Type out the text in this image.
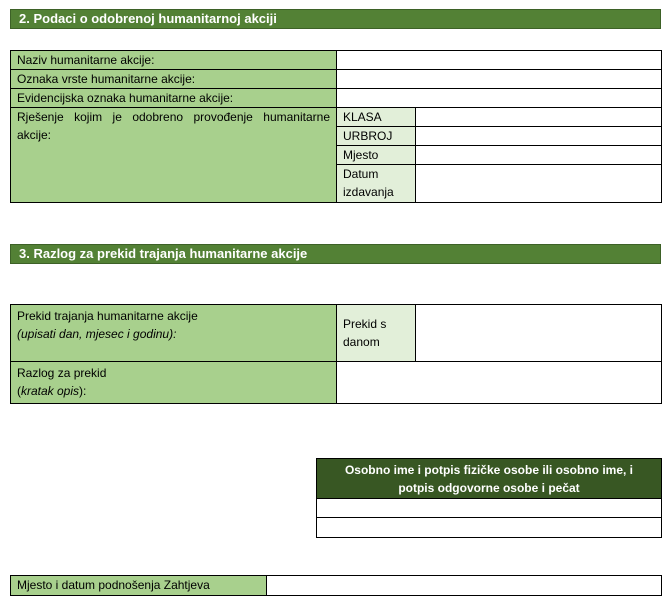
2. Podaci o odobrenoj humanitarnoj akciji
Naziv humanitarne akcije:		
Oznaka vrste humanitarne akcije:		
Evidencijska oznaka humanitarne akcije:		
Rješenje kojim je odobreno provođenje humanitarne akcije:	KLASA	
	URBROJ	
	Mjesto	
	Datum
izdavanja	
3. Razlog za prekid trajanja humanitarne akcije
Prekid trajanja humanitarne akcije
(upisati dan, mjesec i godinu):	Prekid s
danom	
Razlog za prekid
(kratak opis):		
Osobno ime i potpis fizičke osobe ili osobno ime, i
potpis odgovorne osobe i pečat

Mjesto i datum podnošenja Zahtjeva	
